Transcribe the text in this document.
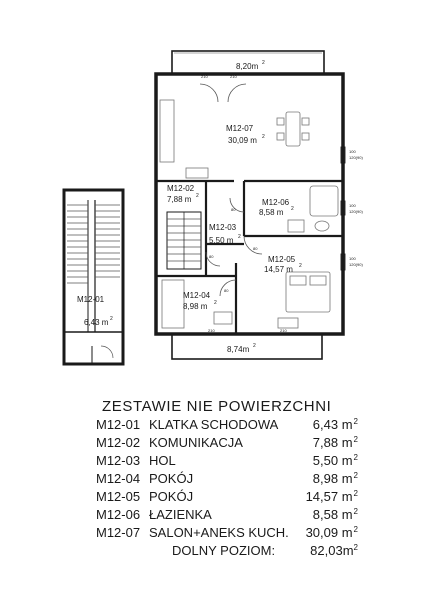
M12-01
6,43 m 2
8,20m 2
8,74m 2
M12-07
30,09 m 2
M12-02
7,88 m 2
M12-06
8,58 m 2
M12-03
5,50 m 2
M12-05
14,57 m 2
M12-04
8,98 m 2
100
120(90)
100
120(90)
100
120(90)
210	210
210	210
80
80
80
80
ZESTAWIE NIE POWIERZCHNI
M12-01 KLATKA SCHODOWA	6,43 $m^2$
M12-02 KOMUNIKACJA	7,88 $m^2$
M12-03 HOL	5,50 $m^2$
M12-04 POKÓJ	8,98 $m^2$
M12-05 POKÓJ	14,57 $m^2$
M12-06 ŁAZIENKA	8,58 $m^2$
M12-07 SALON+ANEKS KUCH. 30,09 $m^2$
DOLNY POZIOM:	$82,03m^2$
